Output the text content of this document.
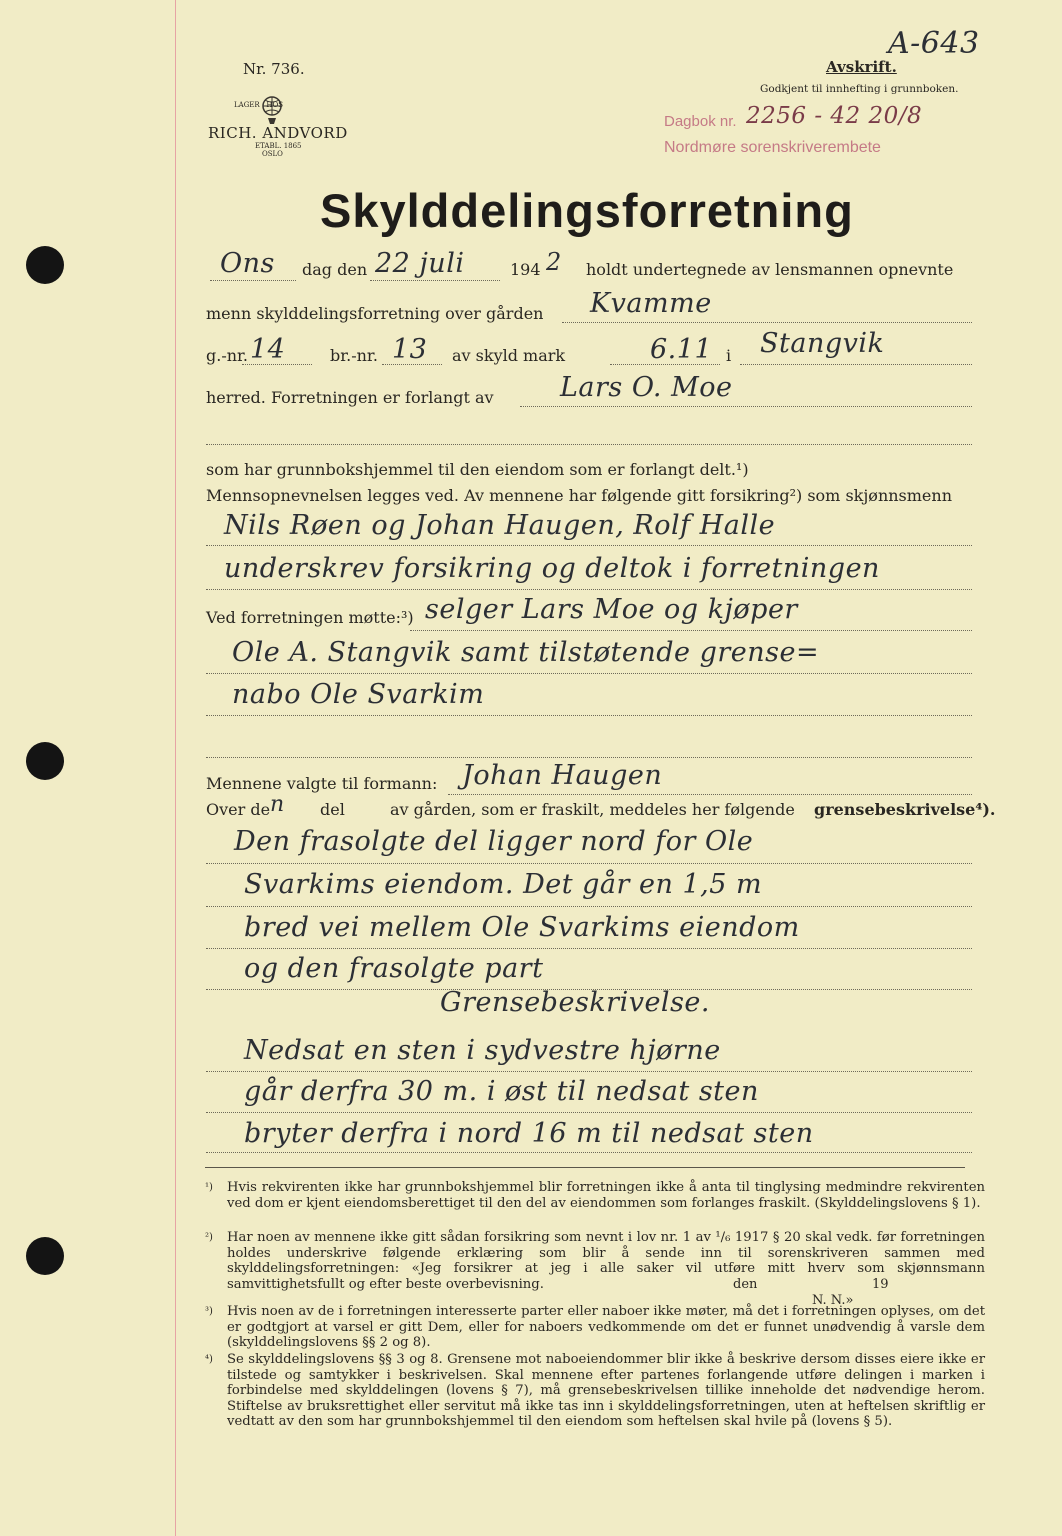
Nr. 736.
LAGER · HOS
RICH. ANDVORD
ETABL. 1865
OSLO
Avskrift.
A-643
Godkjent til innhefting i grunnboken.
Dagbok nr. 2256 - 42 20/8
Nordmøre sorenskriverembete
Skylddelingsforretning
Ons dag den 22 juli	194 2 holdt undertegnede av lensmannen opnevnte
menn skylddelingsforretning over gården Kvamme
g.-nr. 14	br.-nr. 13 av skyld mark	6.11 i Stangvik
herred. Forretningen er forlangt av Lars O. Moe
som har grunnbokshjemmel til den eiendom som er forlangt delt.¹)
Mennsopnevnelsen legges ved. Av mennene har følgende gitt forsikring²) som skjønnsmenn
Nils Røen og Johan Haugen, Rolf Halle
underskrev forsikring og deltok i forretningen
Ved forretningen møtte:³) selger Lars Moe og kjøper
Ole A. Stangvik samt tilstøtende grense=
nabo Ole Svarkim
Mennene valgte til formann: Johan Haugen
Over de n del	av gården, som er fraskilt, meddeles her følgende grensebeskrivelse⁴).
Den frasolgte del ligger nord for Ole
Svarkims eiendom. Det går en 1,5 m
bred vei mellem Ole Svarkims eiendom
og den frasolgte part
Grensebeskrivelse.
Nedsat en sten i sydvestre hjørne
går derfra 30 m. i øst til nedsat sten
bryter derfra i nord 16 m til nedsat sten
¹) Hvis rekvirenten ikke har grunnbokshjemmel blir forretningen ikke å anta til tinglysing medmindre rekvirenten ved dom er kjent eiendomsberettiget til den del av eiendommen som forlanges fraskilt. (Skylddelingslovens § 1).
²) Har noen av mennene ikke gitt sådan forsikring som nevnt i lov nr. 1 av ¹/₆ 1917 § 20 skal vedk. før forretningen holdes underskrive følgende erklæring som blir å sende inn til sorenskriveren sammen med skylddelingsforretningen: «Jeg forsikrer at jeg i alle saker vil utføre mitt hverv som skjønnsmann samvittighetsfullt og efter beste overbevisning.	den	19
N. N.»
³) Hvis noen av de i forretningen interesserte parter eller naboer ikke møter, må det i forretningen oplyses, om det er godtgjort at varsel er gitt Dem, eller for naboers vedkommende om det er funnet unødvendig å varsle dem (skylddelingslovens §§ 2 og 8).
⁴) Se skylddelingslovens §§ 3 og 8. Grensene mot naboeiendommer blir ikke å beskrive dersom disses eiere ikke er tilstede og samtykker i beskrivelsen. Skal mennene efter partenes forlangende utføre delingen i marken i forbindelse med skylddelingen (lovens § 7), må grensebeskrivelsen tillike inneholde det nødvendige herom. Stiftelse av bruksrettighet eller servitut må ikke tas inn i skylddelingsforretningen, uten at heftelsen skriftlig er vedtatt av den som har grunnbokshjemmel til den eiendom som heftelsen skal hvile på (lovens § 5).
